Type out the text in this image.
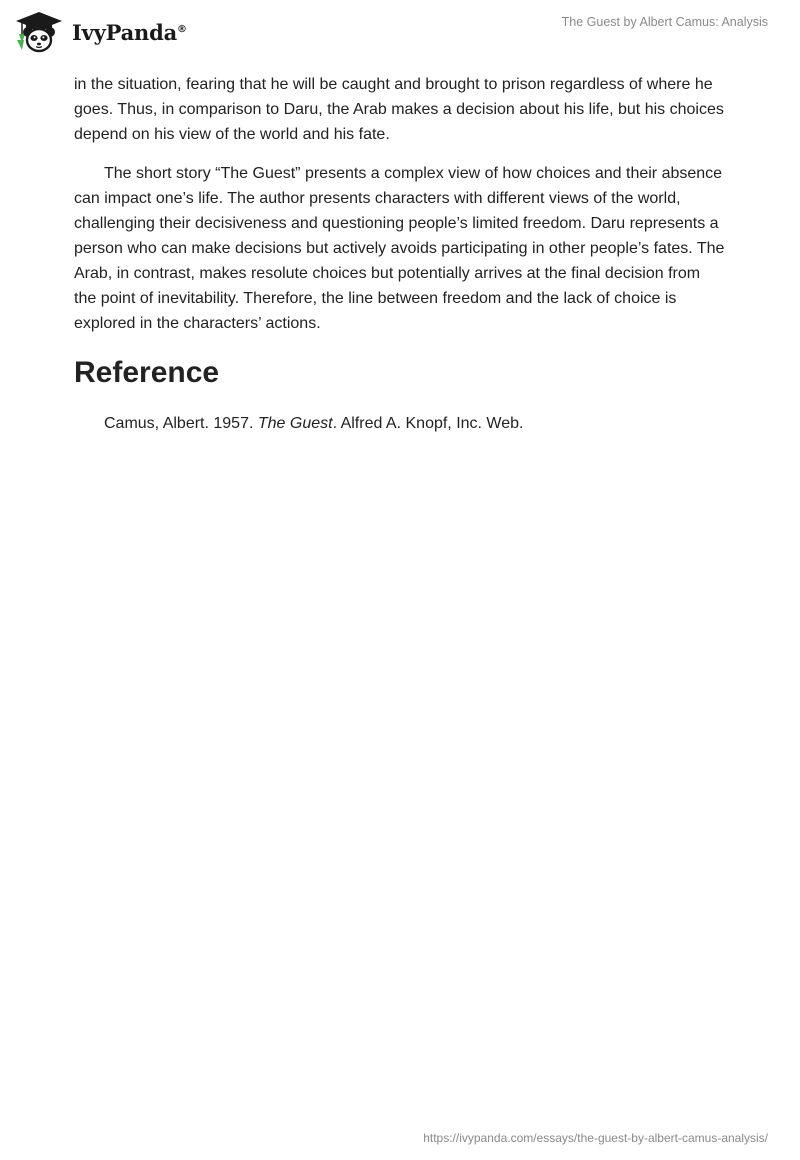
IvyPanda®	The Guest by Albert Camus: Analysis

in the situation, fearing that he will be caught and brought to prison regardless of where he goes. Thus, in comparison to Daru, the Arab makes a decision about his life, but his choices depend on his view of the world and his fate.

The short story “The Guest” presents a complex view of how choices and their absence can impact one’s life. The author presents characters with different views of the world, challenging their decisiveness and questioning people’s limited freedom. Daru represents a person who can make decisions but actively avoids participating in other people’s fates. The Arab, in contrast, makes resolute choices but potentially arrives at the final decision from the point of inevitability. Therefore, the line between freedom and the lack of choice is explored in the characters’ actions.

Reference

Camus, Albert. 1957. The Guest. Alfred A. Knopf, Inc. Web.

https://ivypanda.com/essays/the-guest-by-albert-camus-analysis/
